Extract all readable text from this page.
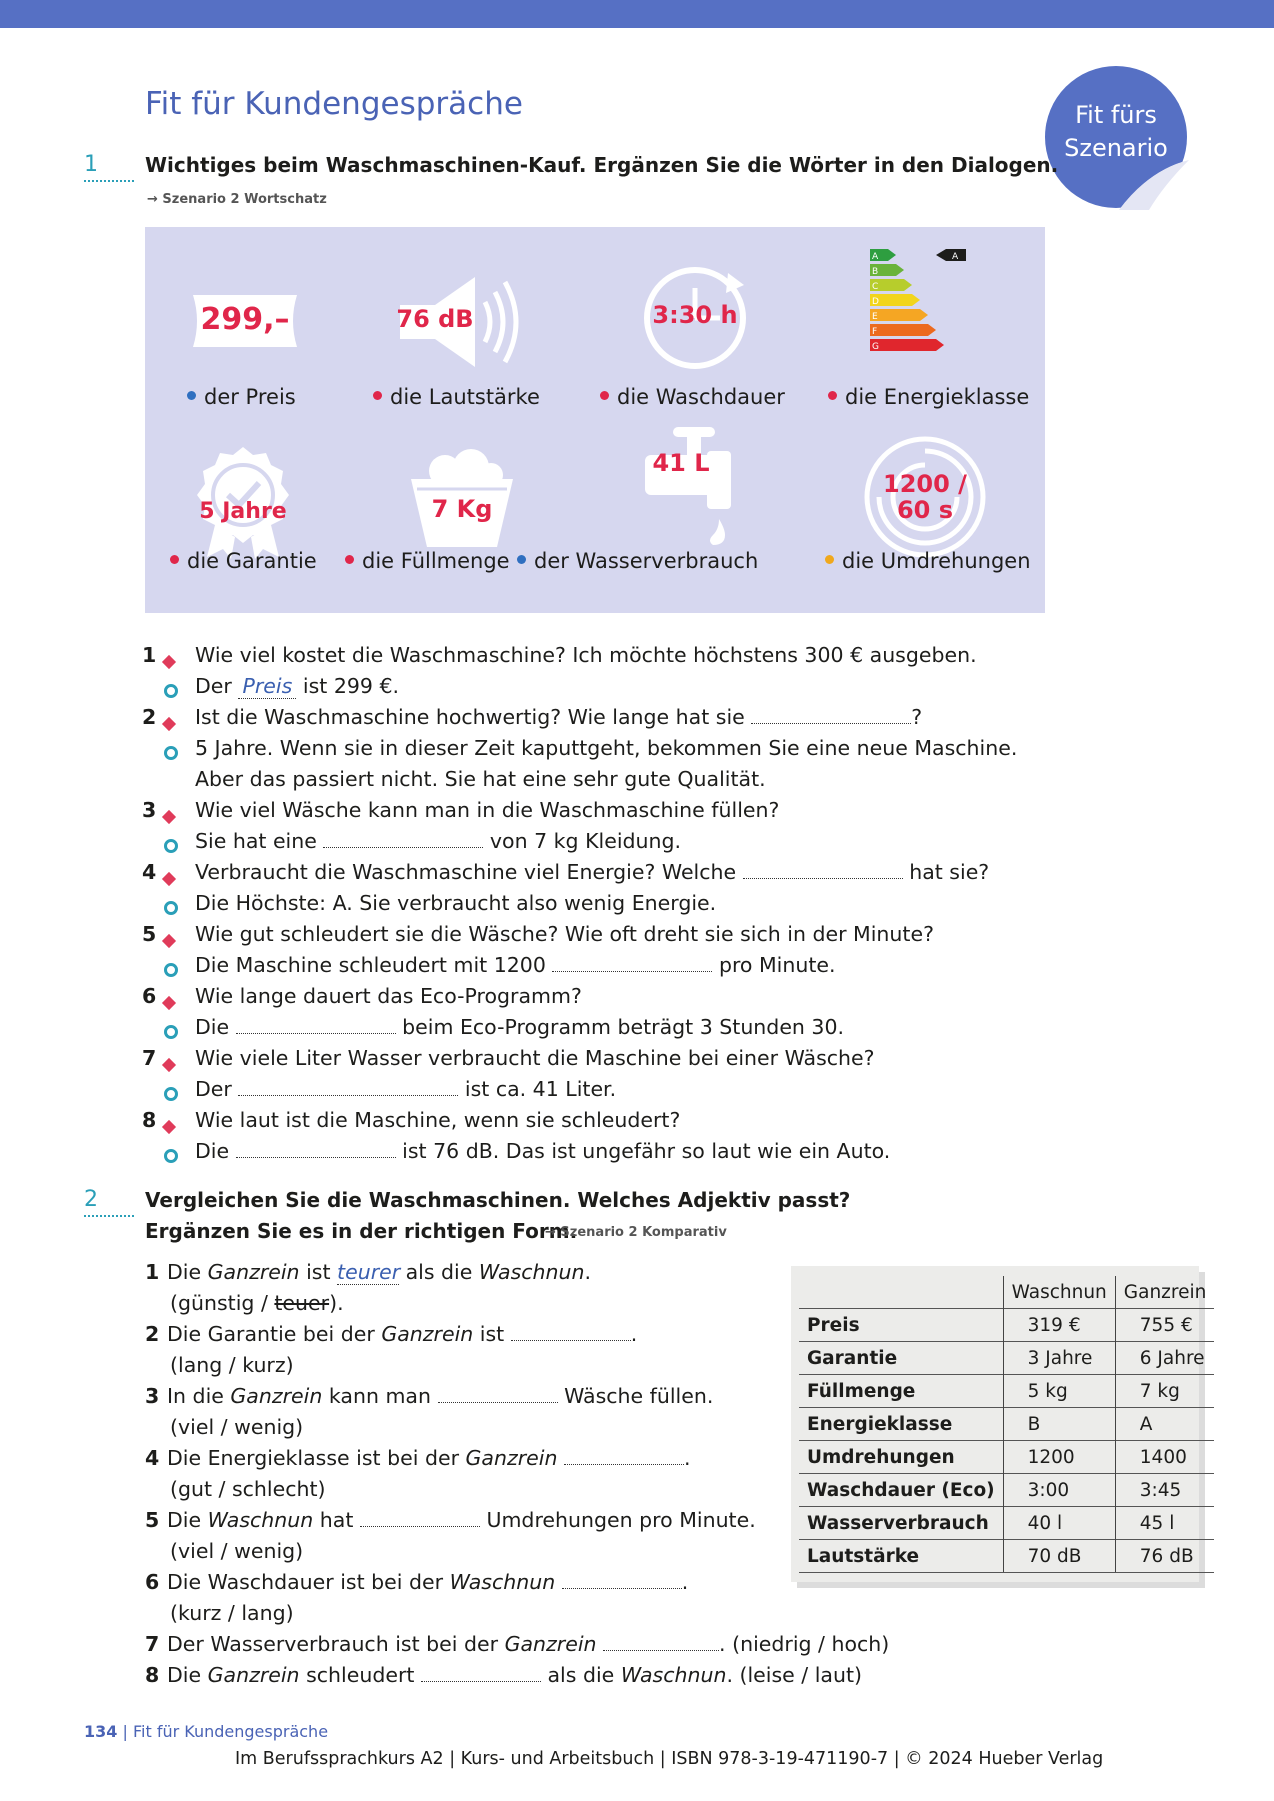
Fit für Kundengespräche	Fit fürs
Szenario
1 Wichtiges beim Waschmaschinen-Kauf. Ergänzen Sie die Wörter in den Dialogen.
→ Szenario 2 Wortschatz
299,–
der Preis
76 dB
die Lautstärke
3:30 h
die Waschdauer
A
B
C
D
E
F
G
A
die Energieklasse
5 Jahre
die Garantie
7 Kg
die Füllmenge
41 L
der Wasserverbrauch
1200 /
60 s
die Umdrehungen
1 Wie viel kostet die Waschmaschine? Ich möchte höchstens 300 € ausgeben.
Der Preis ist 299 €.
2 Ist die Waschmaschine hochwertig? Wie lange hat sie	?
5 Jahre. Wenn sie in dieser Zeit kaputtgeht, bekommen Sie eine neue Maschine.
Aber das passiert nicht. Sie hat eine sehr gute Qualität.
3 Wie viel Wäsche kann man in die Waschmaschine füllen?
Sie hat eine	von 7 kg Kleidung.
4 Verbraucht die Waschmaschine viel Energie? Welche	hat sie?
Die Höchste: A. Sie verbraucht also wenig Energie.
5 Wie gut schleudert sie die Wäsche? Wie oft dreht sie sich in der Minute?
Die Maschine schleudert mit 1200	pro Minute.
6 Wie lange dauert das Eco-Programm?
Die	beim Eco-Programm beträgt 3 Stunden 30.
7 Wie viele Liter Wasser verbraucht die Maschine bei einer Wäsche?
Der	ist ca. 41 Liter.
8 Wie laut ist die Maschine, wenn sie schleudert?
Die	ist 76 dB. Das ist ungefähr so laut wie ein Auto.
2 Vergleichen Sie die Waschmaschinen. Welches Adjektiv passt?
Ergänzen Sie es in der richtigen Form.
→ Szenario 2 Komparativ
1 Die Ganzrein ist teurer als die Waschnun.
(günstig / teuer).
2 Die Garantie bei der Ganzrein ist	.
(lang / kurz)
3 In die Ganzrein kann man	Wäsche füllen.
(viel / wenig)
4 Die Energieklasse ist bei der Ganzrein	.
(gut / schlecht)
5 Die Waschnun hat	Umdrehungen pro Minute.
(viel / wenig)
6 Die Waschdauer ist bei der Waschnun	.
(kurz / lang)
7 Der Wasserverbrauch ist bei der Ganzrein	. (niedrig / hoch)
8 Die Ganzrein schleudert	als die Waschnun. (leise / laut)
	Waschnun	Ganzrein
Preis	319 €	755 €
Garantie	3 Jahre	6 Jahre
Füllmenge	5 kg	7 kg
Energieklasse	B	A
Umdrehungen	1200	1400
Waschdauer (Eco)	3:00	3:45
Wasserverbrauch	40 l	45 l
Lautstärke	70 dB	76 dB
134 | Fit für Kundengespräche
Im Berufssprachkurs A2 | Kurs- und Arbeitsbuch | ISBN 978-3-19-471190-7 | © 2024 Hueber Verlag
